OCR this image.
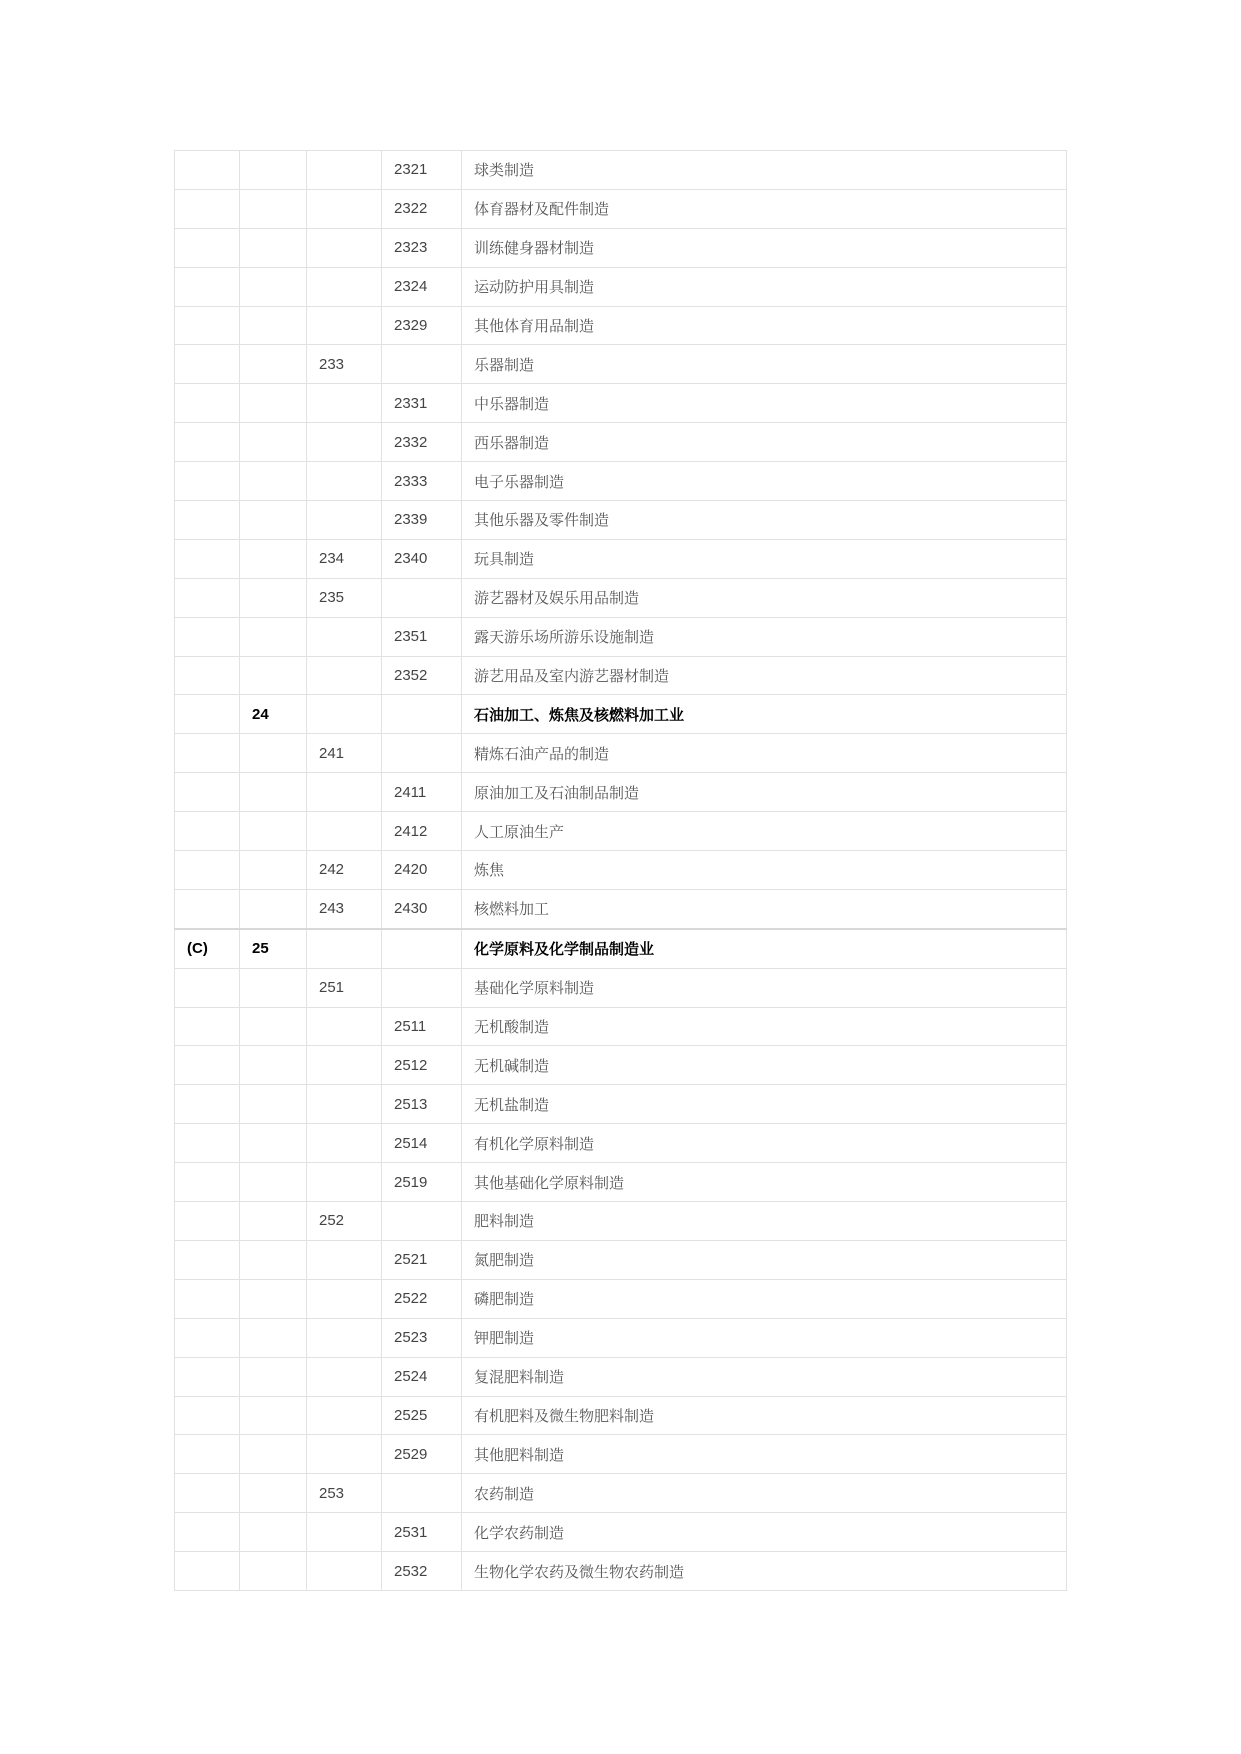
			2321	球类制造
			2322	体育器材及配件制造
			2323	训练健身器材制造
			2324	运动防护用具制造
			2329	其他体育用品制造
		233		乐器制造
			2331	中乐器制造
			2332	西乐器制造
			2333	电子乐器制造
			2339	其他乐器及零件制造
		234	2340	玩具制造
		235		游艺器材及娱乐用品制造
			2351	露天游乐场所游乐设施制造
			2352	游艺用品及室内游艺器材制造
	24			石油加工、炼焦及核燃料加工业
		241		精炼石油产品的制造
			2411	原油加工及石油制品制造
			2412	人工原油生产
		242	2420	炼焦
		243	2430	核燃料加工
(C)	25			化学原料及化学制品制造业
		251		基础化学原料制造
			2511	无机酸制造
			2512	无机碱制造
			2513	无机盐制造
			2514	有机化学原料制造
			2519	其他基础化学原料制造
		252		肥料制造
			2521	氮肥制造
			2522	磷肥制造
			2523	钾肥制造
			2524	复混肥料制造
			2525	有机肥料及微生物肥料制造
			2529	其他肥料制造
		253		农药制造
			2531	化学农药制造
			2532	生物化学农药及微生物农药制造
